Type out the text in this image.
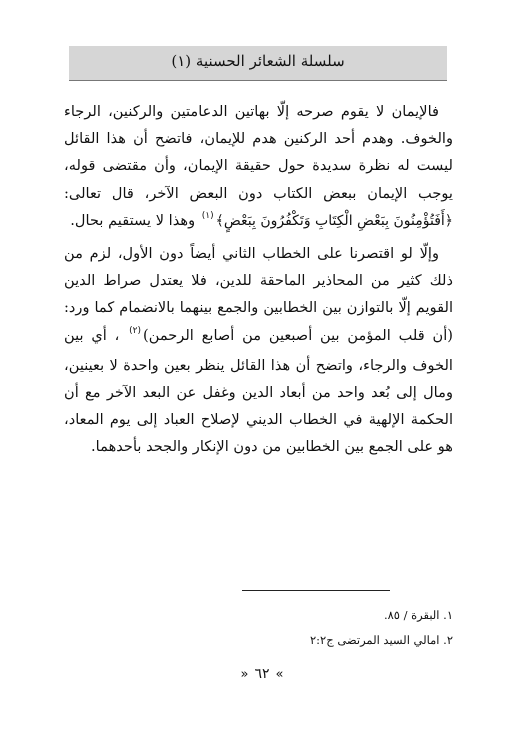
سلسلة الشعائر الحسنية (١)

فالإيمان لا يقوم صرحه إلّا بهاتين الدعامتين والركنين، الرجاء والخوف. وهدم أحد الركنين هدم للإيمان، فاتضح أن هذا القائل ليست له نظرة سديدة حول حقيقة الإيمان، وأن مقتضى قوله، يوجب الإيمان ببعض الكتاب دون البعض الآخر، قال تعالى: ﴿أَفَتُؤْمِنُونَ بِبَعْضِ الْكِتَابِ وَتَكْفُرُونَ بِبَعْضٍ﴾$^{(١)}$ وهذا لا يستقيم بحال.

وإلّا لو اقتصرنا على الخطاب الثاني أيضاً دون الأول، لزم من ذلك كثير من المحاذير الماحقة للدين، فلا يعتدل صراط الدين القويم إلّا بالتوازن بين الخطابين والجمع بينهما بالانضمام كما ورد: (أن قلب المؤمن بين أصبعين من أصابع الرحمن)$^{(٢)}$ ، أي بين الخوف والرجاء، واتضح أن هذا القائل ينظر بعين واحدة لا بعينين، ومال إلى بُعد واحد من أبعاد الدين وغفل عن البعد الآخر مع أن الحكمة الإلهية في الخطاب الديني لإصلاح العباد إلى يوم المعاد، هو على الجمع بين الخطابين من دون الإنكار والجحد بأحدهما.

١. البقرة / ٨٥.

٢. امالي السيد المرتضى ج٢:٢

»٦٢«
